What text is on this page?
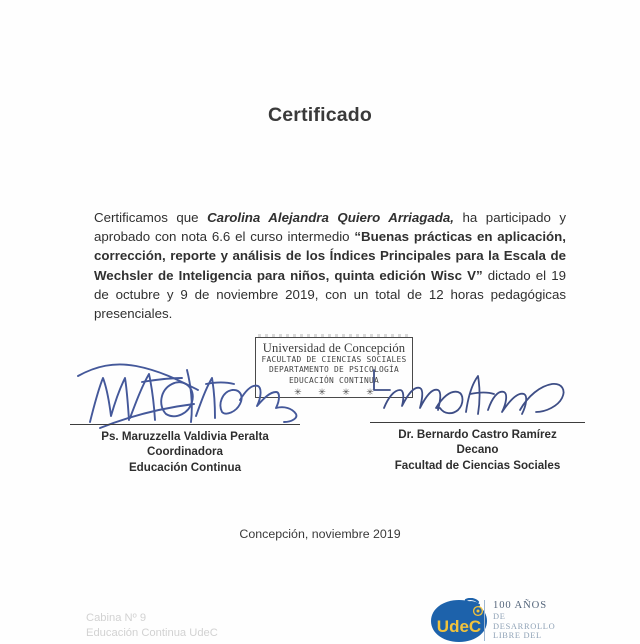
Certificado

Certificamos que Carolina Alejandra Quiero Arriagada, ha participado y aprobado con nota 6.6 el curso intermedio “Buenas prácticas en aplicación, corrección, reporte y análisis de los Índices Principales para la Escala de Wechsler de Inteligencia para niños, quinta edición Wisc V” dictado el 19 de octubre y 9 de noviembre 2019, con un total de 12 horas pedagógicas presenciales.

Universidad de Concepción
FACULTAD DE CIENCIAS SOCIALES
DEPARTAMENTO DE PSICOLOGÍA
EDUCACIÓN CONTINUA
✳ ✳ ✳ ✳
Ps. Maruzzella Valdivia Peralta
Coordinadora
Educación Continua
Dr. Bernardo Castro Ramírez
Decano
Facultad de Ciencias Sociales
Concepción, noviembre 2019
Cabina Nº 9
Educación Continua UdeC	UdeC
100 AÑOS
DE
DESARROLLO
LIBRE DEL
